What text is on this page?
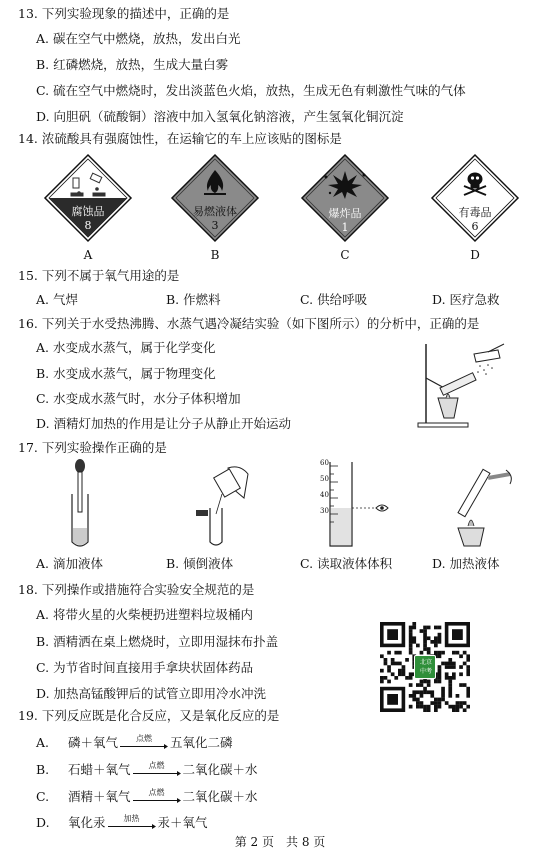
13. 下列实验现象的描述中，正确的是
A. 碳在空气中燃烧，放热，发出白光
B. 红磷燃烧，放热，生成大量白雾
C. 硫在空气中燃烧时，发出淡蓝色火焰，放热，生成无色有刺激性气味的气体
D. 向胆矾（硫酸铜）溶液中加入氢氧化钠溶液，产生氢氧化铜沉淀
14. 浓硫酸具有强腐蚀性，在运输它的车上应该贴的图标是
腐蚀品
8
A
易燃液体
3
B
爆炸品
1
C
有毒品
6
D
15. 下列不属于氧气用途的是
A. 气焊	B. 作燃料	C. 供给呼吸	D. 医疗急救
16. 下列关于水受热沸腾、水蒸气遇冷凝结实验（如下图所示）的分析中，正确的是
A. 水变成水蒸气，属于化学变化
B. 水变成水蒸气，属于物理变化
C. 水变成水蒸气时，水分子体积增加
D. 酒精灯加热的作用是让分子从静止开始运动
17. 下列实验操作正确的是
60
50
40
30
A. 滴加液体	B. 倾倒液体	C. 读取液体体积	D. 加热液体
18. 下列操作或措施符合实验安全规范的是
A. 将带火星的火柴梗扔进塑料垃圾桶内
B. 酒精洒在桌上燃烧时，立即用湿抹布扑盖
C. 为节省时间直接用手拿块状固体药品
D. 加热高锰酸钾后的试管立即用冷水冲洗
北京
中考
19. 下列反应既是化合反应，又是氧化反应的是
A.	磷＋氧气 点燃 五氧化二磷
B.	石蜡＋氧气 点燃 二氧化碳＋水
C.	酒精＋氧气 点燃 二氧化碳＋水
D.	氧化汞 加热 汞＋氧气
第 2 页　共 8 页
